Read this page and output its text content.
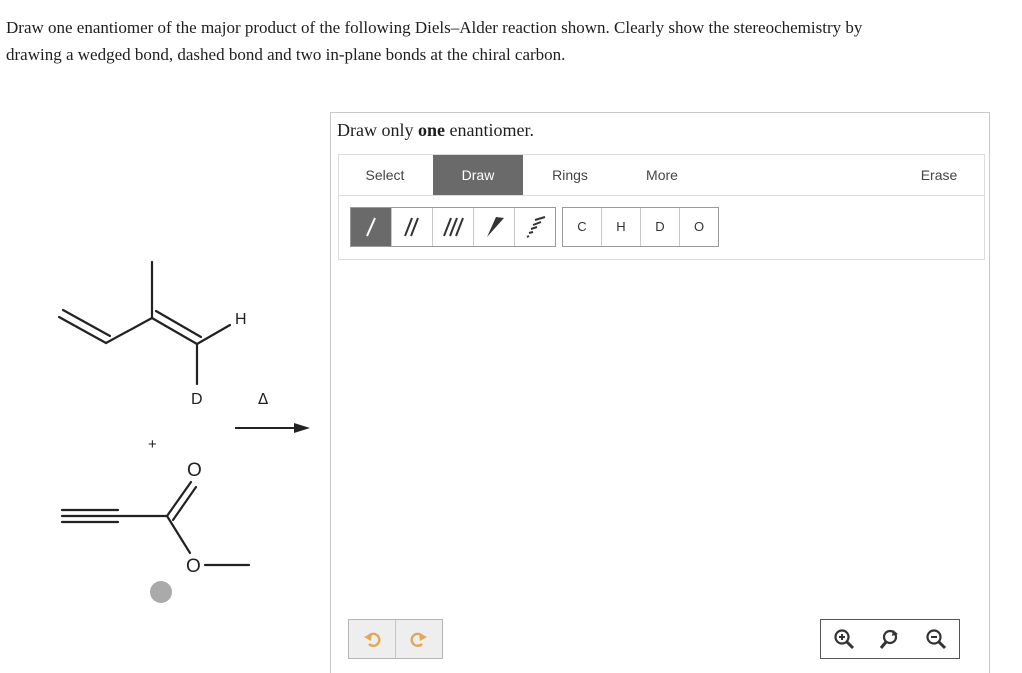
Draw one enantiomer of the major product of the following Diels–Alder reaction shown. Clearly show the stereochemistry by
drawing a wedged bond, dashed bond and two in-plane bonds at the chiral carbon.
H
D
+
Δ
O
O
Draw only one enantiomer.
Select	Draw	Rings	More	Erase
C	H	D	O
